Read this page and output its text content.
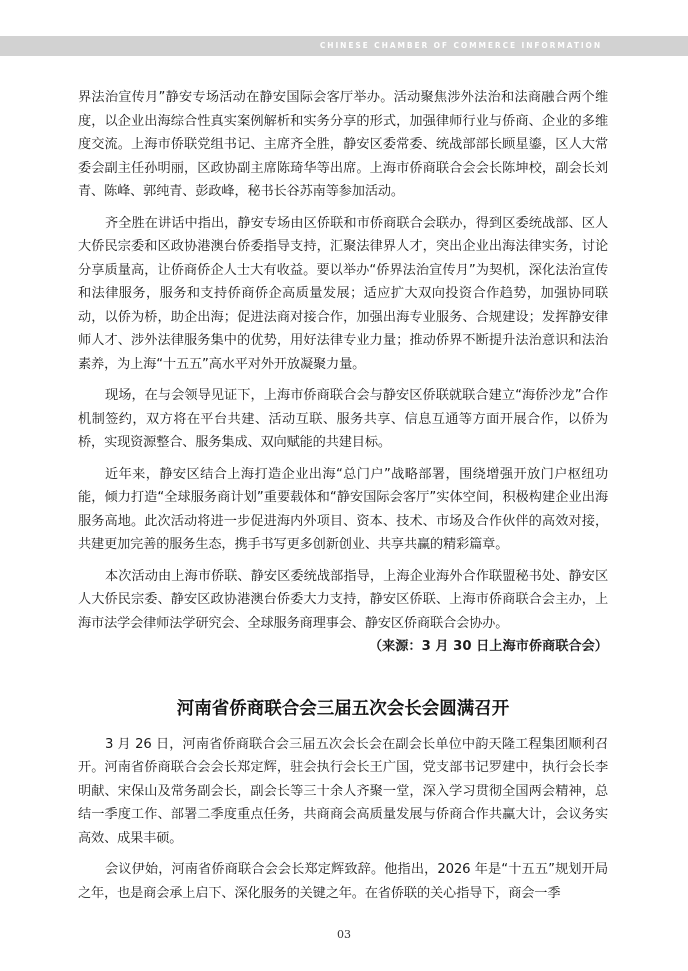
CHINESE CHAMBER OF COMMERCE INFORMATION

界法治宣传月”静安专场活动在静安国际会客厅举办。活动聚焦涉外法治和法商融合两个维度，以企业出海综合性真实案例解析和实务分享的形式，加强律师行业与侨商、企业的多维度交流。上海市侨联党组书记、主席齐全胜，静安区委常委、统战部部长顾星鎏，区人大常委会副主任孙明丽，区政协副主席陈琦华等出席。上海市侨商联合会会长陈坤校，副会长刘青、陈峰、郭纯青、彭政峰，秘书长谷苏南等参加活动。

齐全胜在讲话中指出，静安专场由区侨联和市侨商联合会联办，得到区委统战部、区人大侨民宗委和区政协港澳台侨委指导支持，汇聚法律界人才，突出企业出海法律实务，讨论分享质量高，让侨商侨企人士大有收益。要以举办“侨界法治宣传月”为契机，深化法治宣传和法律服务，服务和支持侨商侨企高质量发展；适应扩大双向投资合作趋势，加强协同联动，以侨为桥，助企出海；促进法商对接合作，加强出海专业服务、合规建设；发挥静安律师人才、涉外法律服务集中的优势，用好法律专业力量；推动侨界不断提升法治意识和法治素养，为上海“十五五”高水平对外开放凝聚力量。

现场，在与会领导见证下，上海市侨商联合会与静安区侨联就联合建立“海侨沙龙”合作机制签约，双方将在平台共建、活动互联、服务共享、信息互通等方面开展合作，以侨为桥，实现资源整合、服务集成、双向赋能的共建目标。

近年来，静安区结合上海打造企业出海“总门户”战略部署，围绕增强开放门户枢纽功能，倾力打造“全球服务商计划”重要载体和“静安国际会客厅”实体空间，积极构建企业出海服务高地。此次活动将进一步促进海内外项目、资本、技术、市场及合作伙伴的高效对接，共建更加完善的服务生态，携手书写更多创新创业、共享共赢的精彩篇章。

本次活动由上海市侨联、静安区委统战部指导，上海企业海外合作联盟秘书处、静安区人大侨民宗委、静安区政协港澳台侨委大力支持，静安区侨联、上海市侨商联合会主办，上海市法学会律师法学研究会、全球服务商理事会、静安区侨商联合会协办。

（来源：3 月 30 日上海市侨商联合会）

河南省侨商联合会三届五次会长会圆满召开

3 月 26 日，河南省侨商联合会三届五次会长会在副会长单位中韵天隆工程集团顺利召开。河南省侨商联合会会长郑定辉，驻会执行会长王广国，党支部书记罗建中，执行会长李明献、宋保山及常务副会长，副会长等三十余人齐聚一堂，深入学习贯彻全国两会精神，总结一季度工作、部署二季度重点任务，共商商会高质量发展与侨商合作共赢大计，会议务实高效、成果丰硕。

会议伊始，河南省侨商联合会会长郑定辉致辞。他指出，2026 年是“十五五”规划开局之年，也是商会承上启下、深化服务的关键之年。在省侨联的关心指导下，商会一季

03
